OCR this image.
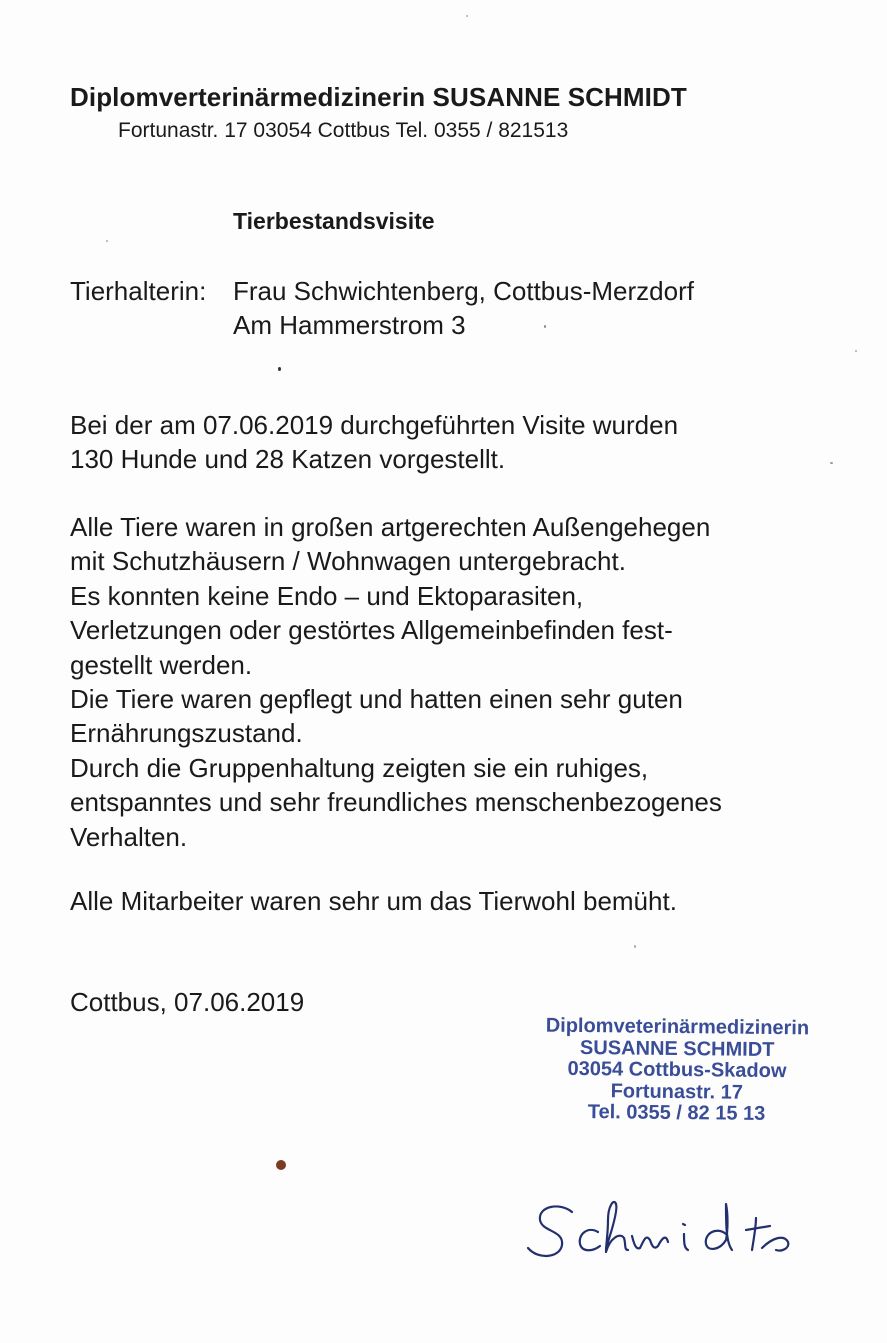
Diplomverterinärmedizinerin SUSANNE SCHMIDT
Fortunastr. 17 03054 Cottbus Tel. 0355 / 821513
Tierbestandsvisite
Tierhalterin: Frau Schwichtenberg, Cottbus-Merzdorf
Am Hammerstrom 3
Bei der am 07.06.2019 durchgeführten Visite wurden
130 Hunde und 28 Katzen vorgestellt.
Alle Tiere waren in großen artgerechten Außengehegen
mit Schutzhäusern / Wohnwagen untergebracht.
Es konnten keine Endo – und Ektoparasiten,
Verletzungen oder gestörtes Allgemeinbefinden fest-
gestellt werden.
Die Tiere waren gepflegt und hatten einen sehr guten
Ernährungszustand.
Durch die Gruppenhaltung zeigten sie ein ruhiges,
entspanntes und sehr freundliches menschenbezogenes
Verhalten.
Alle Mitarbeiter waren sehr um das Tierwohl bemüht.
Cottbus, 07.06.2019
Diplomveterinärmedizinerin
SUSANNE SCHMIDT
03054 Cottbus-Skadow
Fortunastr. 17
Tel. 0355 / 82 15 13
